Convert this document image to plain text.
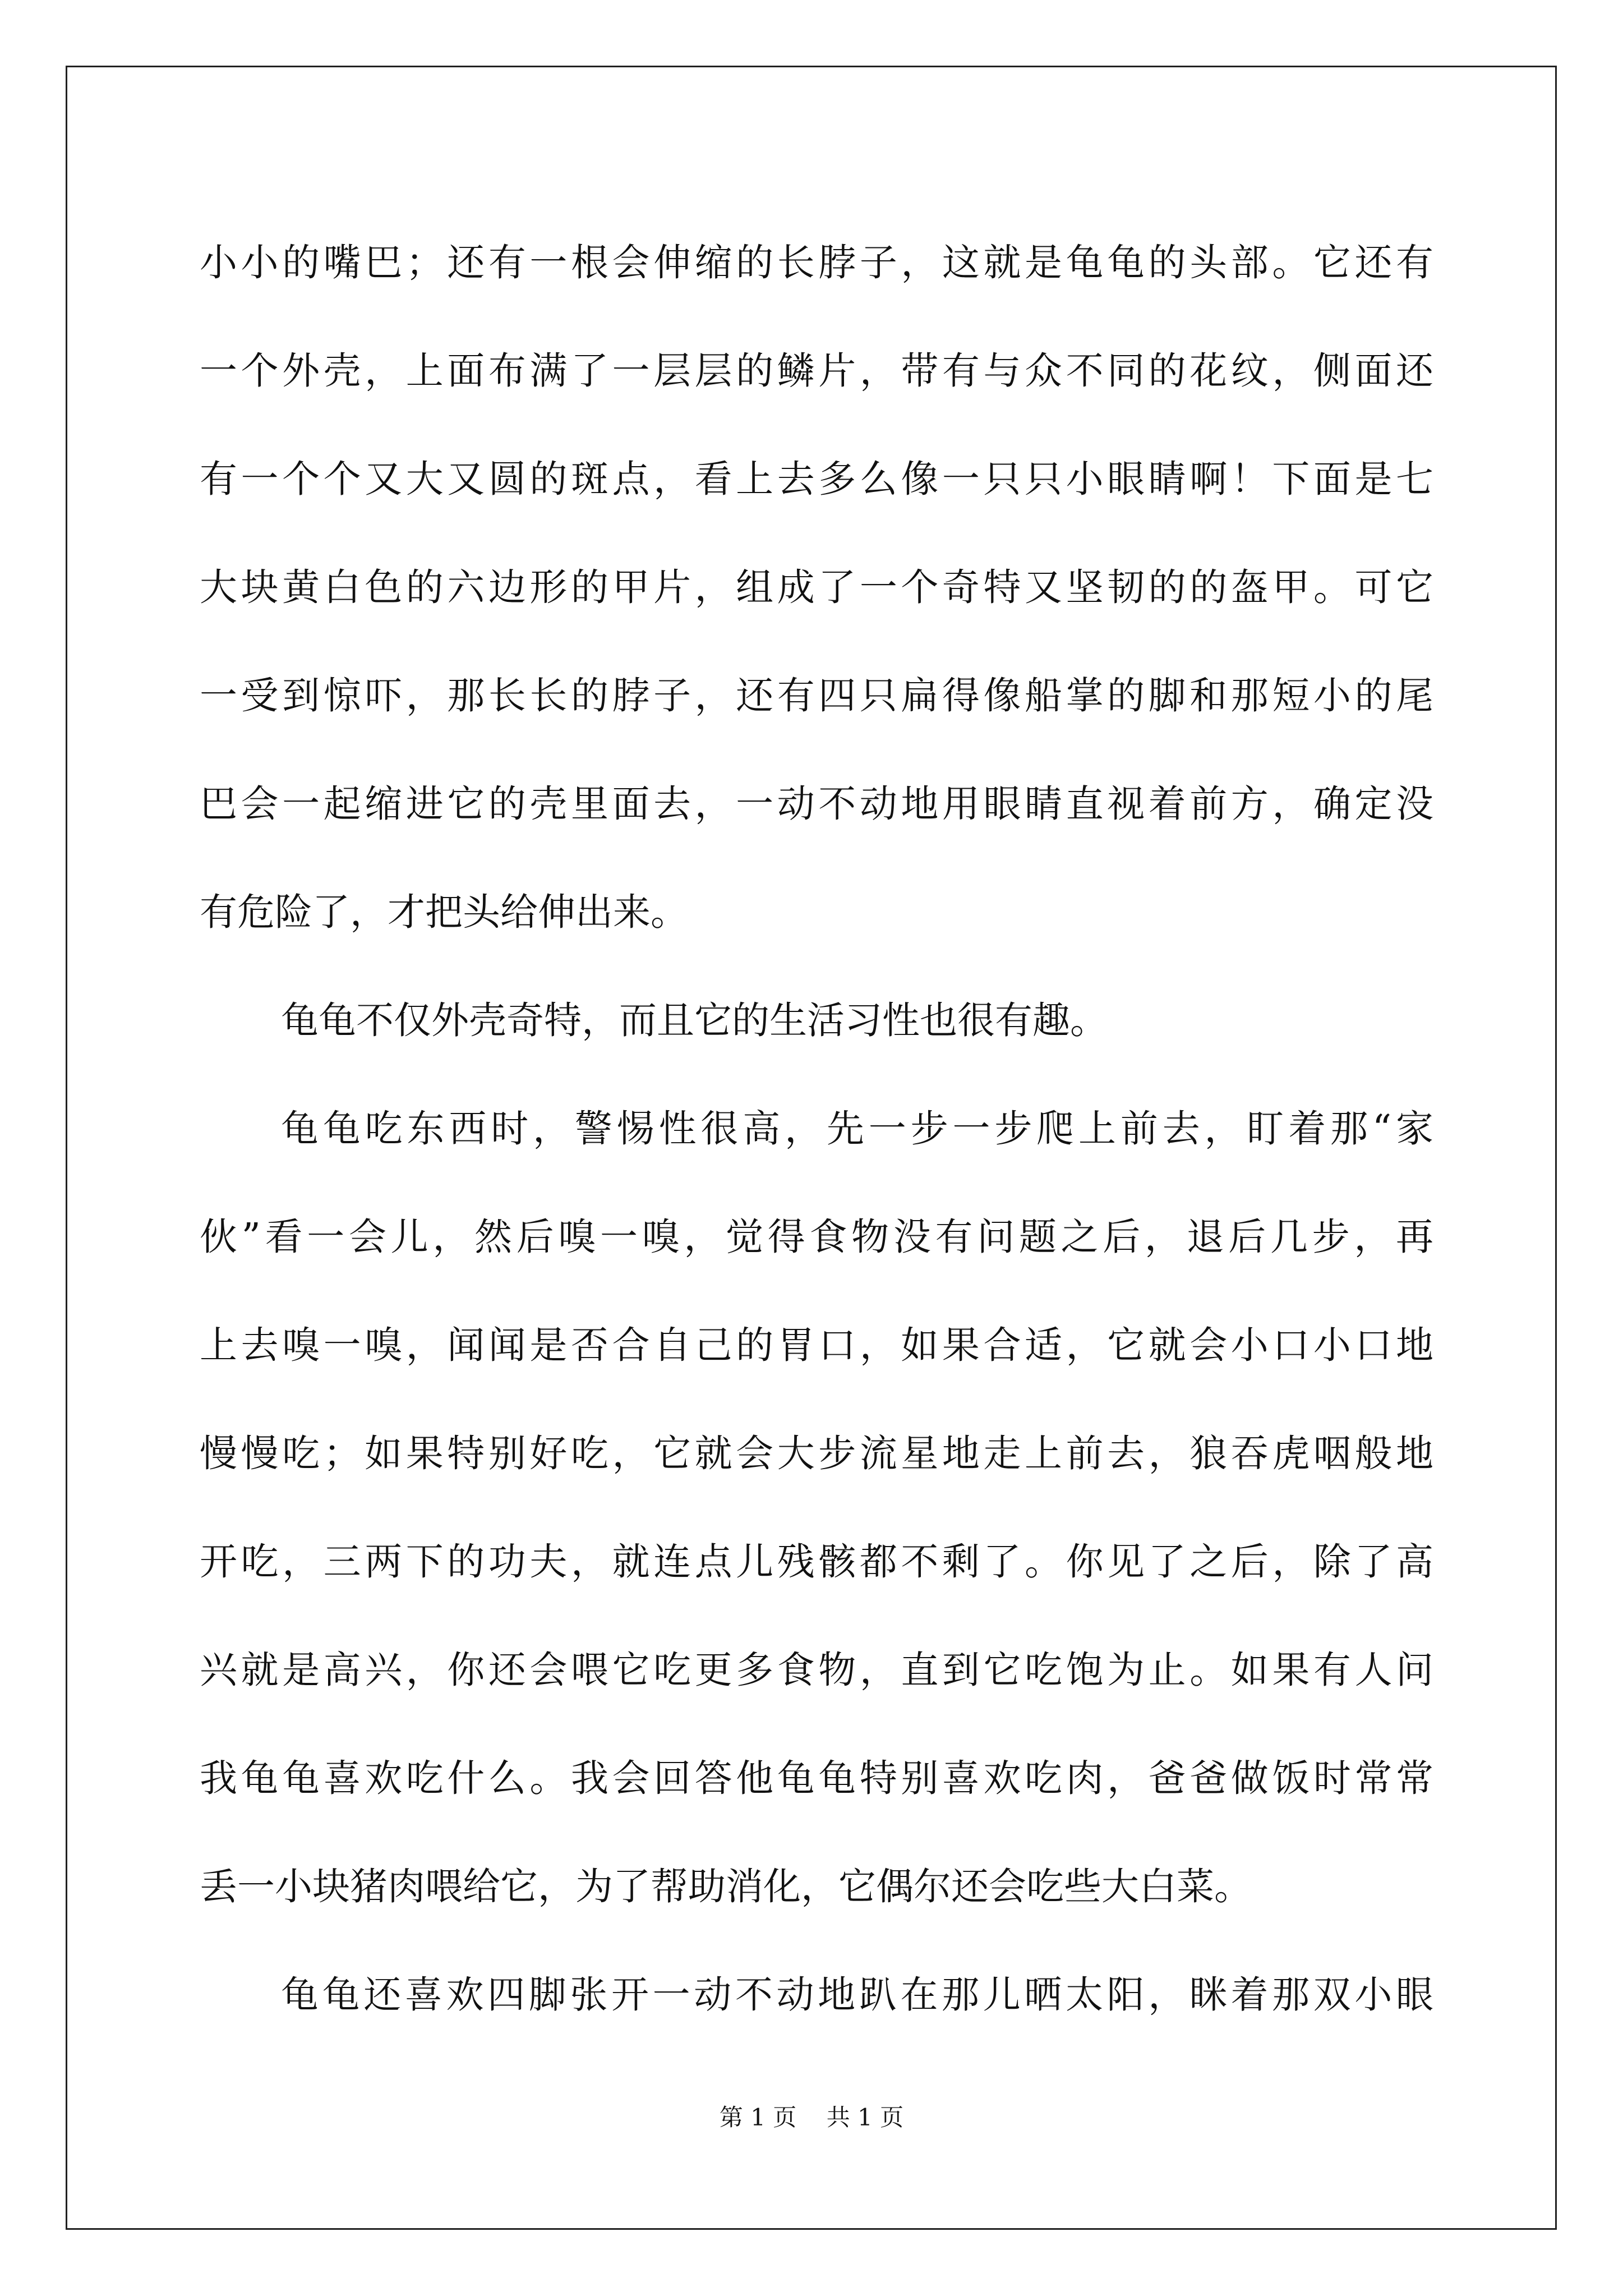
小小的嘴巴；还有一根会伸缩的长脖子，这就是龟龟的头部。它还有
一个外壳，上面布满了一层层的鳞片，带有与众不同的花纹，侧面还
有一个个又大又圆的斑点，看上去多么像一只只小眼睛啊！下面是七
大块黄白色的六边形的甲片，组成了一个奇特又坚韧的的盔甲。可它
一受到惊吓，那长长的脖子，还有四只扁得像船掌的脚和那短小的尾
巴会一起缩进它的壳里面去，一动不动地用眼睛直视着前方，确定没
有危险了，才把头给伸出来。
龟龟不仅外壳奇特，而且它的生活习性也很有趣。
龟龟吃东西时，警惕性很高，先一步一步爬上前去，盯着那“家
伙”看一会儿，然后嗅一嗅，觉得食物没有问题之后，退后几步，再
上去嗅一嗅，闻闻是否合自己的胃口，如果合适，它就会小口小口地
慢慢吃；如果特别好吃，它就会大步流星地走上前去，狼吞虎咽般地
开吃，三两下的功夫，就连点儿残骸都不剩了。你见了之后，除了高
兴就是高兴，你还会喂它吃更多食物，直到它吃饱为止。如果有人问
我龟龟喜欢吃什么。我会回答他龟龟特别喜欢吃肉，爸爸做饭时常常
丢一小块猪肉喂给它，为了帮助消化，它偶尔还会吃些大白菜。
龟龟还喜欢四脚张开一动不动地趴在那儿晒太阳，眯着那双小眼
第 1 页    共 1 页
